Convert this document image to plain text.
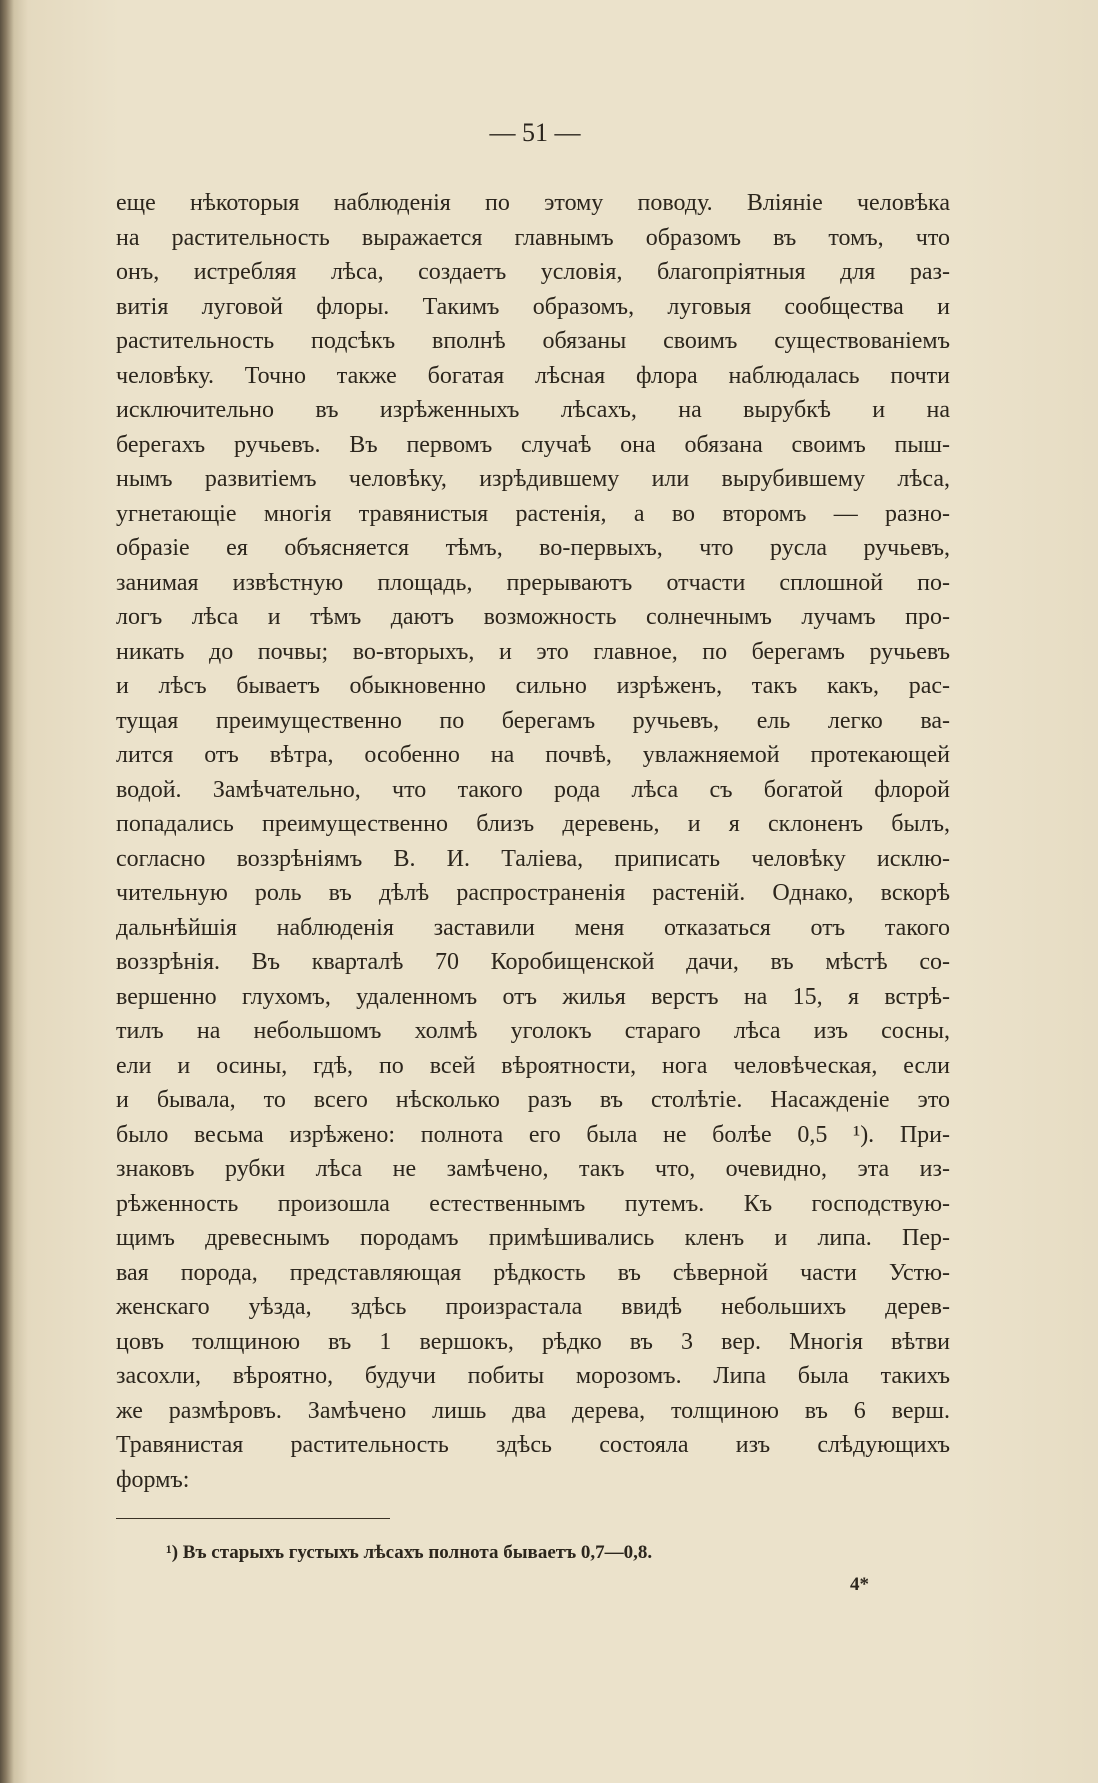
— 51 —
еще нѣкоторыя наблюденія по этому поводу. Вліяніе человѣка
на растительность выражается главнымъ образомъ въ томъ, что
онъ, истребляя лѣса, создаетъ условія, благопріятныя для раз-
витія луговой флоры. Такимъ образомъ, луговыя сообщества и
растительность подсѣкъ вполнѣ обязаны своимъ существованіемъ
человѣку. Точно также богатая лѣсная флора наблюдалась почти
исключительно въ изрѣженныхъ лѣсахъ, на вырубкѣ и на
берегахъ ручьевъ. Въ первомъ случаѣ она обязана своимъ пыш-
нымъ развитіемъ человѣку, изрѣдившему или вырубившему лѣса,
угнетающіе многія травянистыя растенія, а во второмъ — разно-
образіе ея объясняется тѣмъ, во-первыхъ, что русла ручьевъ,
занимая извѣстную площадь, прерываютъ отчасти сплошной по-
логъ лѣса и тѣмъ даютъ возможность солнечнымъ лучамъ про-
никать до почвы; во-вторыхъ, и это главное, по берегамъ ручьевъ
и лѣсъ бываетъ обыкновенно сильно изрѣженъ, такъ какъ, рас-
тущая преимущественно по берегамъ ручьевъ, ель легко ва-
лится отъ вѣтра, особенно на почвѣ, увлажняемой протекающей
водой. Замѣчательно, что такого рода лѣса съ богатой флорой
попадались преимущественно близъ деревень, и я склоненъ былъ,
согласно воззрѣніямъ В. И. Талiева, приписать человѣку исклю-
чительную роль въ дѣлѣ распространенія растеній. Однако, вскорѣ
дальнѣйшія наблюденія заставили меня отказаться отъ такого
воззрѣнія. Въ кварталѣ 70 Коробищенской дачи, въ мѣстѣ со-
вершенно глухомъ, удаленномъ отъ жилья верстъ на 15, я встрѣ-
тилъ на небольшомъ холмѣ уголокъ стараго лѣса изъ сосны,
ели и осины, гдѣ, по всей вѣроятности, нога человѣческая, если
и бывала, то всего нѣсколько разъ въ столѣтіе. Насажденіе это
было весьма изрѣжено: полнота его была не болѣе 0,5 ¹). При-
знаковъ рубки лѣса не замѣчено, такъ что, очевидно, эта из-
рѣженность произошла естественнымъ путемъ. Къ господствую-
щимъ древеснымъ породамъ примѣшивались кленъ и липа. Пер-
вая порода, представляющая рѣдкость въ сѣверной части Устю-
женскаго уѣзда, здѣсь произрастала ввидѣ небольшихъ дерев-
цовъ толщиною въ 1 вершокъ, рѣдко въ 3 вер. Многія вѣтви
засохли, вѣроятно, будучи побиты морозомъ. Липа была такихъ
же размѣровъ. Замѣчено лишь два дерева, толщиною въ 6 верш.
Травянистая растительность здѣсь состояла изъ слѣдующихъ
формъ:
¹) Въ старыхъ густыхъ лѣсахъ полнота бываетъ 0,7—0,8.
4*
